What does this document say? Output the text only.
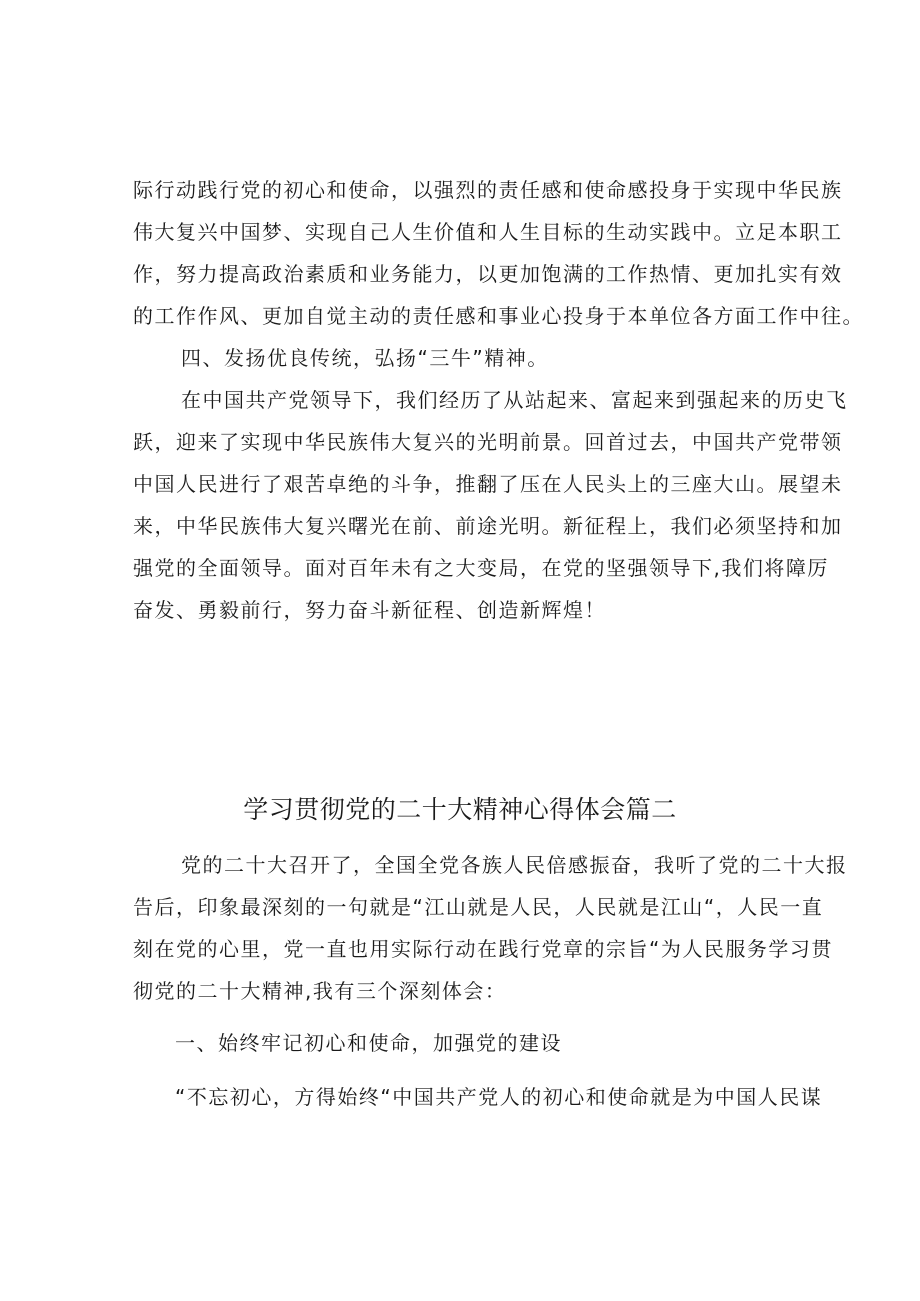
际行动践行党的初心和使命，以强烈的责任感和使命感投身于实现中华民族
伟大复兴中国梦、实现自己人生价值和人生目标的生动实践中。立足本职工
作，努力提高政治素质和业务能力，以更加饱满的工作热情、更加扎实有效
的工作作风、更加自觉主动的责任感和事业心投身于本单位各方面工作中往。
四、发扬优良传统，弘扬“三牛”精神。
在中国共产党领导下，我们经历了从站起来、富起来到强起来的历史飞
跃，迎来了实现中华民族伟大复兴的光明前景。回首过去，中国共产党带领
中国人民进行了艰苦卓绝的斗争，推翻了压在人民头上的三座大山。展望未
来，中华民族伟大复兴曙光在前、前途光明。新征程上，我们必须坚持和加
强党的全面领导。面对百年未有之大变局，在党的坚强领导下,我们将障厉
奋发、勇毅前行，努力奋斗新征程、创造新辉煌！
学习贯彻党的二十大精神心得体会篇二
党的二十大召开了，全国全党各族人民倍感振奋，我听了党的二十大报
告后，印象最深刻的一句就是“江山就是人民，人民就是江山“，人民一直
刻在党的心里，党一直也用实际行动在践行党章的宗旨“为人民服务学习贯
彻党的二十大精神,我有三个深刻体会：
一、始终牢记初心和使命，加强党的建设
“不忘初心，方得始终“中国共产党人的初心和使命就是为中国人民谋
